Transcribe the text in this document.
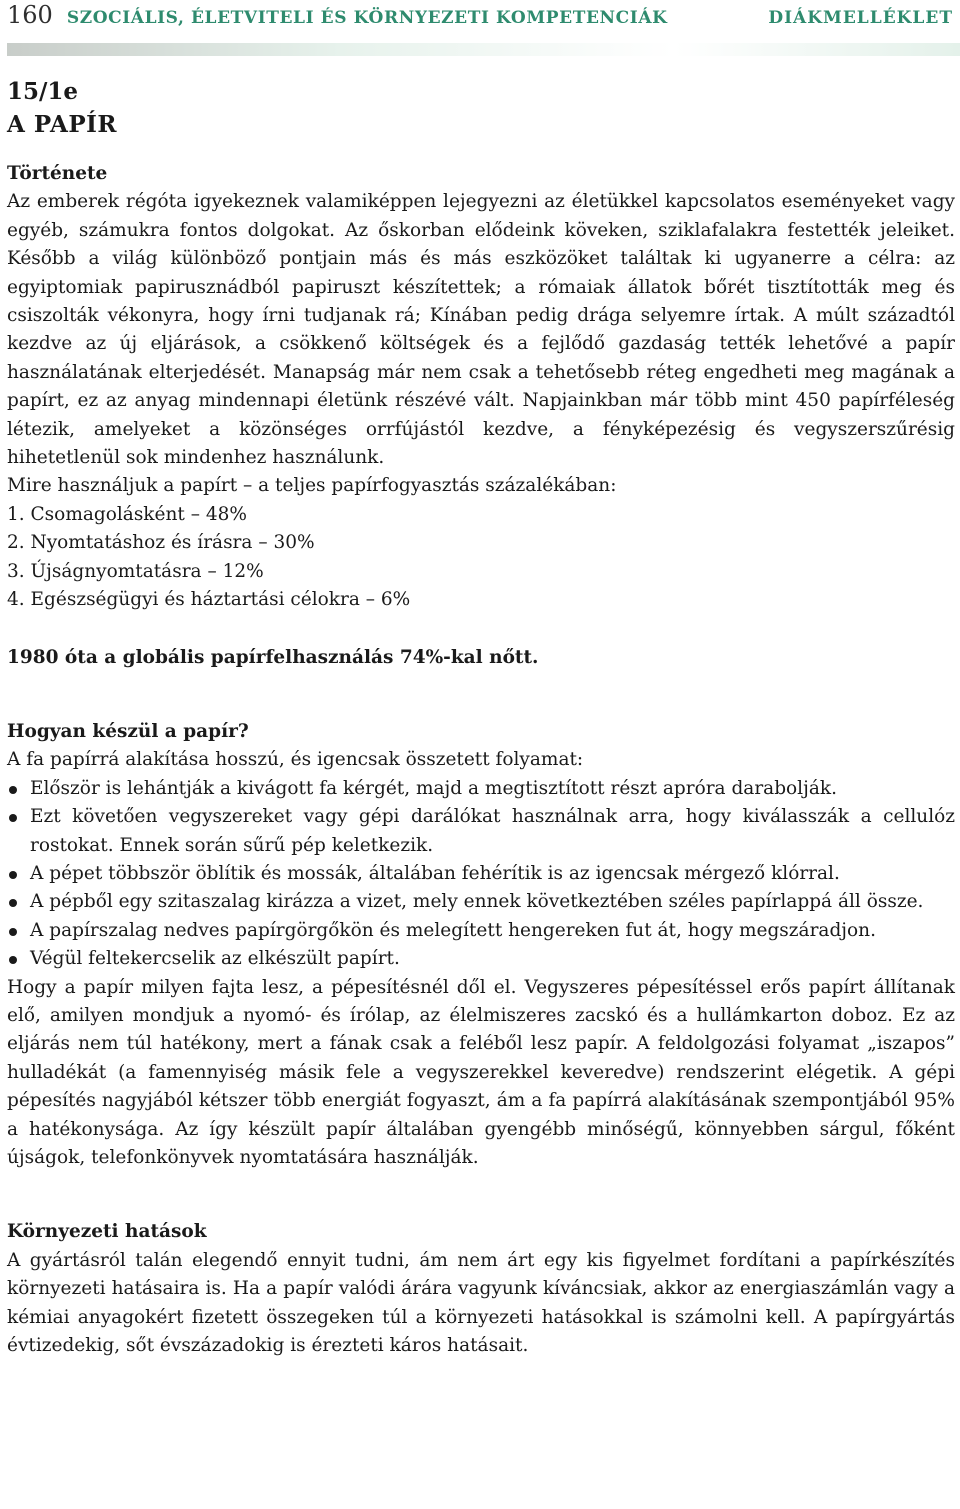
160 SZOCIÁLIS, ÉLETVITELI ÉS KÖRNYEZETI KOMPETENCIÁK	DIÁKMELLÉKLET
15/1e
A PAPÍR
Története

Az emberek régóta igyekeznek valamiképpen lejegyezni az életükkel kapcsolatos eseményeket vagy egyéb, számukra fontos dolgokat. Az őskorban elődeink köveken, sziklafalakra festették jeleiket. Később a világ különböző pontjain más és más eszközöket találtak ki ugyanerre a célra: az egyiptomiak papirusznádból papiruszt készítettek; a rómaiak állatok bőrét tisztították meg és csiszolták vékonyra, hogy írni tudjanak rá; Kínában pedig drága selyemre írtak. A múlt századtól kezdve az új eljárások, a csökkenő költségek és a fejlődő gazdaság tették lehetővé a papír használatának elterjedését. Manapság már nem csak a tehetősebb réteg engedheti meg magának a papírt, ez az anyag mindennapi életünk részévé vált. Napjainkban már több mint 450 papírféleség létezik, amelyeket a közönséges orrfújástól kezdve, a fényképezésig és vegyszerszűrésig hihetetlenül sok mindenhez használunk.

Mire használjuk a papírt – a teljes papírfogyasztás százalékában:
1. Csomagolásként – 48%
2. Nyomtatáshoz és írásra – 30%
3. Újságnyomtatásra – 12%
4. Egészségügyi és háztartási célokra – 6%
1980 óta a globális papírfelhasználás 74%-kal nőtt.
Hogyan készül a papír?
A fa papírrá alakítása hosszú, és igencsak összetett folyamat:
Először is lehántják a kivágott fa kérgét, majd a megtisztított részt apróra darabolják.
Ezt követően vegyszereket vagy gépi darálókat használnak arra, hogy kiválasszák a cellulóz rostokat. Ennek során sűrű pép keletkezik.
A pépet többször öblítik és mossák, általában fehérítik is az igencsak mérgező klórral.
A pépből egy szitaszalag kirázza a vizet, mely ennek következtében széles papírlappá áll össze.
A papírszalag nedves papírgörgőkön és melegített hengereken fut át, hogy megszáradjon.
Végül feltekercselik az elkészült papírt.

Hogy a papír milyen fajta lesz, a pépesítésnél dől el. Vegyszeres pépesítéssel erős papírt állítanak elő, amilyen mondjuk a nyomó- és írólap, az élelmiszeres zacskó és a hullámkarton doboz. Ez az eljárás nem túl hatékony, mert a fának csak a feléből lesz papír. A feldolgozási folyamat „iszapos” hulladékát (a famennyiség másik fele a vegyszerekkel keveredve) rendszerint elégetik. A gépi pépesítés nagyjából kétszer több energiát fogyaszt, ám a fa papírrá alakításának szempontjából 95% a hatékonysága. Az így készült papír általában gyengébb minőségű, könnyebben sárgul, főként újságok, telefonkönyvek nyomtatására használják.

Környezeti hatások

A gyártásról talán elegendő ennyit tudni, ám nem árt egy kis figyelmet fordítani a papírkészítés környezeti hatásaira is. Ha a papír valódi árára vagyunk kíváncsiak, akkor az energiaszámlán vagy a kémiai anyagokért fizetett összegeken túl a környezeti hatásokkal is számolni kell. A papírgyártás évtizedekig, sőt évszázadokig is érezteti káros hatásait.
